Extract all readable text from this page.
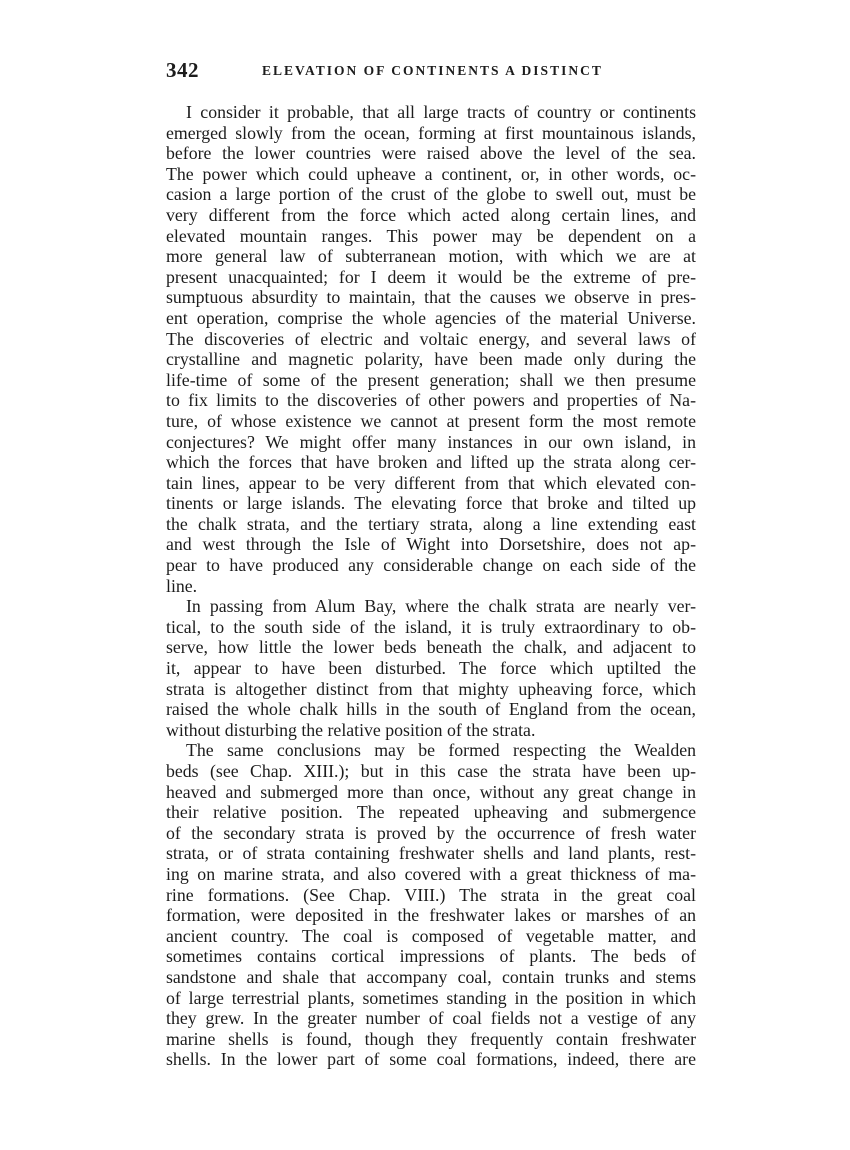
342	ELEVATION OF CONTINENTS A DISTINCT
I consider it probable, that all large tracts of country or continents
emerged slowly from the ocean, forming at first mountainous islands,
before the lower countries were raised above the level of the sea.
The power which could upheave a continent, or, in other words, oc-
casion a large portion of the crust of the globe to swell out, must be
very different from the force which acted along certain lines, and
elevated mountain ranges. This power may be dependent on a
more general law of subterranean motion, with which we are at
present unacquainted; for I deem it would be the extreme of pre-
sumptuous absurdity to maintain, that the causes we observe in pres-
ent operation, comprise the whole agencies of the material Universe.
The discoveries of electric and voltaic energy, and several laws of
crystalline and magnetic polarity, have been made only during the
life-time of some of the present generation; shall we then presume
to fix limits to the discoveries of other powers and properties of Na-
ture, of whose existence we cannot at present form the most remote
conjectures? We might offer many instances in our own island, in
which the forces that have broken and lifted up the strata along cer-
tain lines, appear to be very different from that which elevated con-
tinents or large islands. The elevating force that broke and tilted up
the chalk strata, and the tertiary strata, along a line extending east
and west through the Isle of Wight into Dorsetshire, does not ap-
pear to have produced any considerable change on each side of the
line.
In passing from Alum Bay, where the chalk strata are nearly ver-
tical, to the south side of the island, it is truly extraordinary to ob-
serve, how little the lower beds beneath the chalk, and adjacent to
it, appear to have been disturbed. The force which uptilted the
strata is altogether distinct from that mighty upheaving force, which
raised the whole chalk hills in the south of England from the ocean,
without disturbing the relative position of the strata.
The same conclusions may be formed respecting the Wealden
beds (see Chap. XIII.); but in this case the strata have been up-
heaved and submerged more than once, without any great change in
their relative position. The repeated upheaving and submergence
of the secondary strata is proved by the occurrence of fresh water
strata, or of strata containing freshwater shells and land plants, rest-
ing on marine strata, and also covered with a great thickness of ma-
rine formations. (See Chap. VIII.) The strata in the great coal
formation, were deposited in the freshwater lakes or marshes of an
ancient country. The coal is composed of vegetable matter, and
sometimes contains cortical impressions of plants. The beds of
sandstone and shale that accompany coal, contain trunks and stems
of large terrestrial plants, sometimes standing in the position in which
they grew. In the greater number of coal fields not a vestige of any
marine shells is found, though they frequently contain freshwater
shells. In the lower part of some coal formations, indeed, there are
